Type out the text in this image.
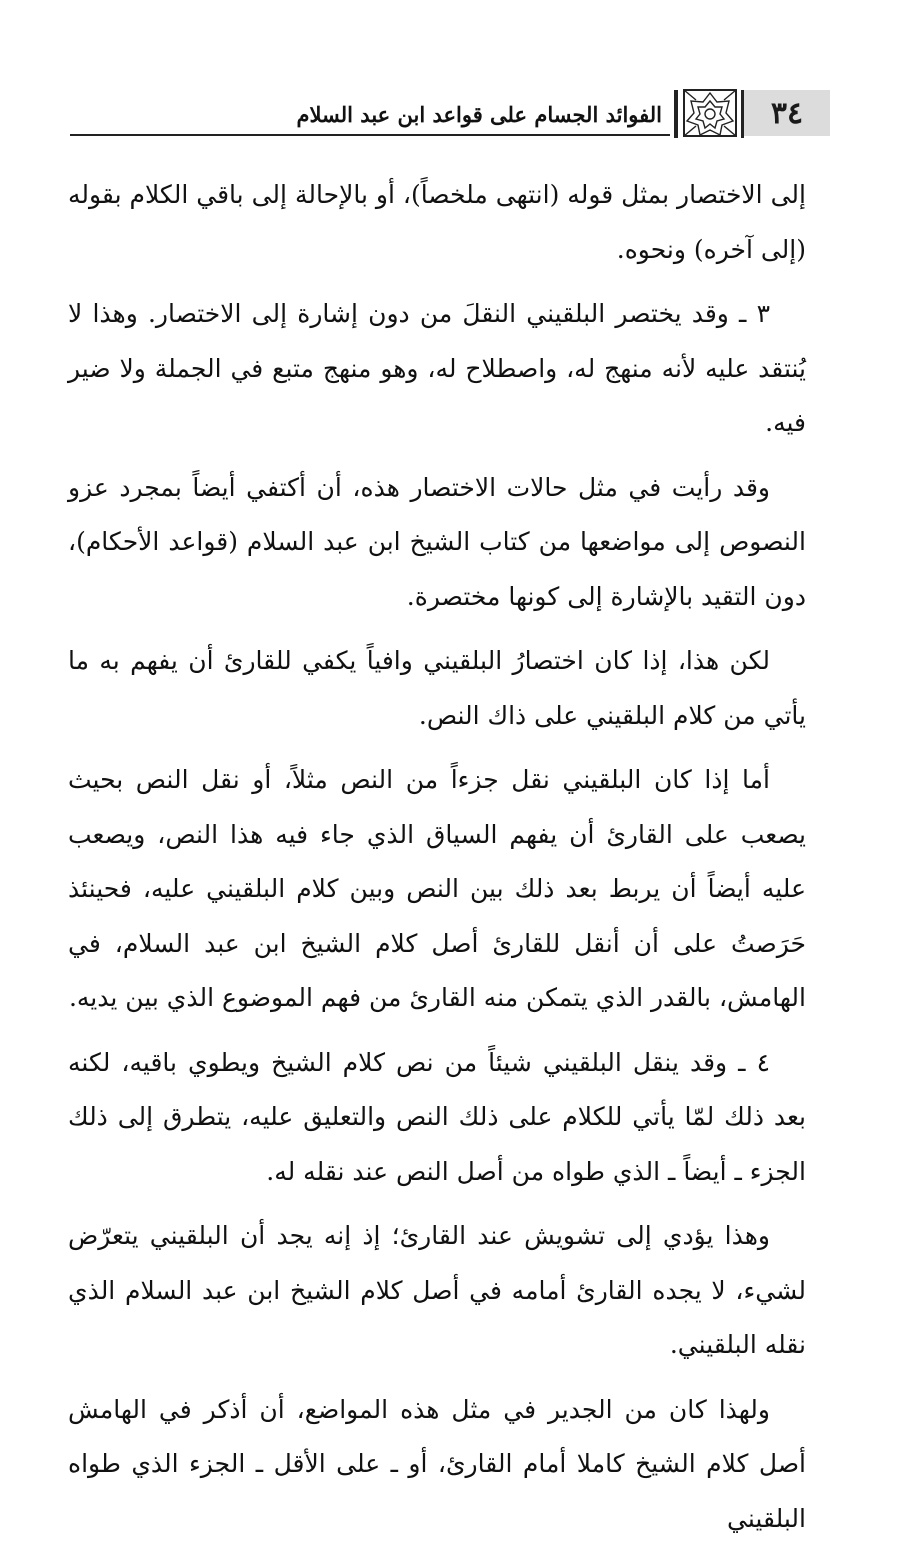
٣٤
الفوائد الجسام على قواعد ابن عبد السلام

إلى الاختصار بمثل قوله (انتهى ملخصاً)، أو بالإحالة إلى باقي الكلام بقوله (إلى آخره) ونحوه.

٣ ـ وقد يختصر البلقيني النقلَ من دون إشارة إلى الاختصار. وهذا لا يُنتقد عليه لأنه منهج له، واصطلاح له، وهو منهج متبع في الجملة ولا ضير فيه.

وقد رأيت في مثل حالات الاختصار هذه، أن أكتفي أيضاً بمجرد عزو النصوص إلى مواضعها من كتاب الشيخ ابن عبد السلام (قواعد الأحكام)، دون التقيد بالإشارة إلى كونها مختصرة.

لكن هذا، إذا كان اختصارُ البلقيني وافياً يكفي للقارئ أن يفهم به ما يأتي من كلام البلقيني على ذاك النص.

أما إذا كان البلقيني نقل جزءاً من النص مثلاً، أو نقل النص بحيث يصعب على القارئ أن يفهم السياق الذي جاء فيه هذا النص، ويصعب عليه أيضاً أن يربط بعد ذلك بين النص وبين كلام البلقيني عليه، فحينئذ حَرَصتُ على أن أنقل للقارئ أصل كلام الشيخ ابن عبد السلام، في الهامش، بالقدر الذي يتمكن منه القارئ من فهم الموضوع الذي بين يديه.

٤ ـ وقد ينقل البلقيني شيئاً من نص كلام الشيخ ويطوي باقيه، لكنه بعد ذلك لمّا يأتي للكلام على ذلك النص والتعليق عليه، يتطرق إلى ذلك الجزء ـ أيضاً ـ الذي طواه من أصل النص عند نقله له.

وهذا يؤدي إلى تشويش عند القارئ؛ إذ إنه يجد أن البلقيني يتعرّض لشيء، لا يجده القارئ أمامه في أصل كلام الشيخ ابن عبد السلام الذي نقله البلقيني.

ولهذا كان من الجدير في مثل هذه المواضع، أن أذكر في الهامش أصل كلام الشيخ كاملا أمام القارئ، أو ـ على الأقل ـ الجزء الذي طواه البلقيني
